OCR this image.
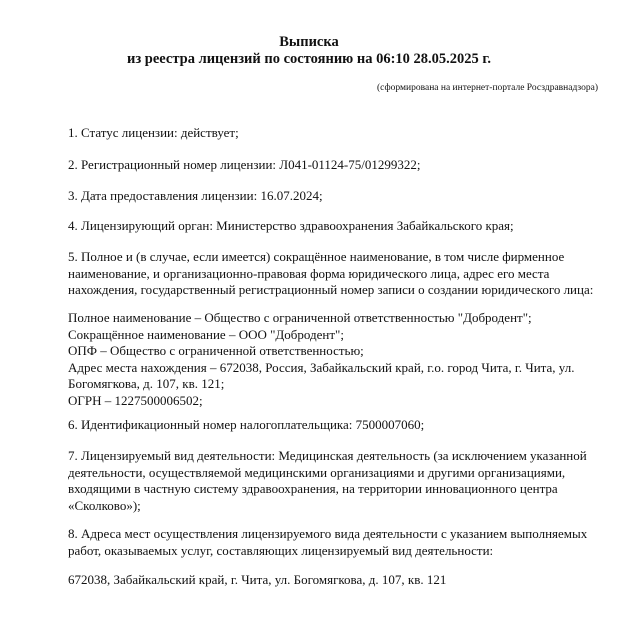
Выписка
из реестра лицензий по состоянию на 06:10 28.05.2025 г.
(сформирована на интернет-портале Росздравнадзора)
1. Статус лицензии: действует;
2. Регистрационный номер лицензии: Л041-01124-75/01299322;
3. Дата предоставления лицензии: 16.07.2024;
4. Лицензирующий орган: Министерство здравоохранения Забайкальского края;
5. Полное и (в случае, если имеется) сокращённое наименование, в том числе фирменное
наименование, и организационно-правовая форма юридического лица, адрес его места
нахождения, государственный регистрационный номер записи о создании юридического лица:
Полное наименование – Общество с ограниченной ответственностью "Добродент";
Сокращённое наименование – ООО "Добродент";
ОПФ – Общество с ограниченной ответственностью;
Адрес места нахождения – 672038, Россия, Забайкальский край, г.о. город Чита, г. Чита, ул.
Богомягкова, д. 107, кв. 121;
ОГРН – 1227500006502;
6. Идентификационный номер налогоплательщика: 7500007060;
7. Лицензируемый вид деятельности: Медицинская деятельность (за исключением указанной
деятельности, осуществляемой медицинскими организациями и другими организациями,
входящими в частную систему здравоохранения, на территории инновационного центра
«Сколково»);
8. Адреса мест осуществления лицензируемого вида деятельности с указанием выполняемых
работ, оказываемых услуг, составляющих лицензируемый вид деятельности:
672038, Забайкальский край, г. Чита, ул. Богомягкова, д. 107, кв. 121
